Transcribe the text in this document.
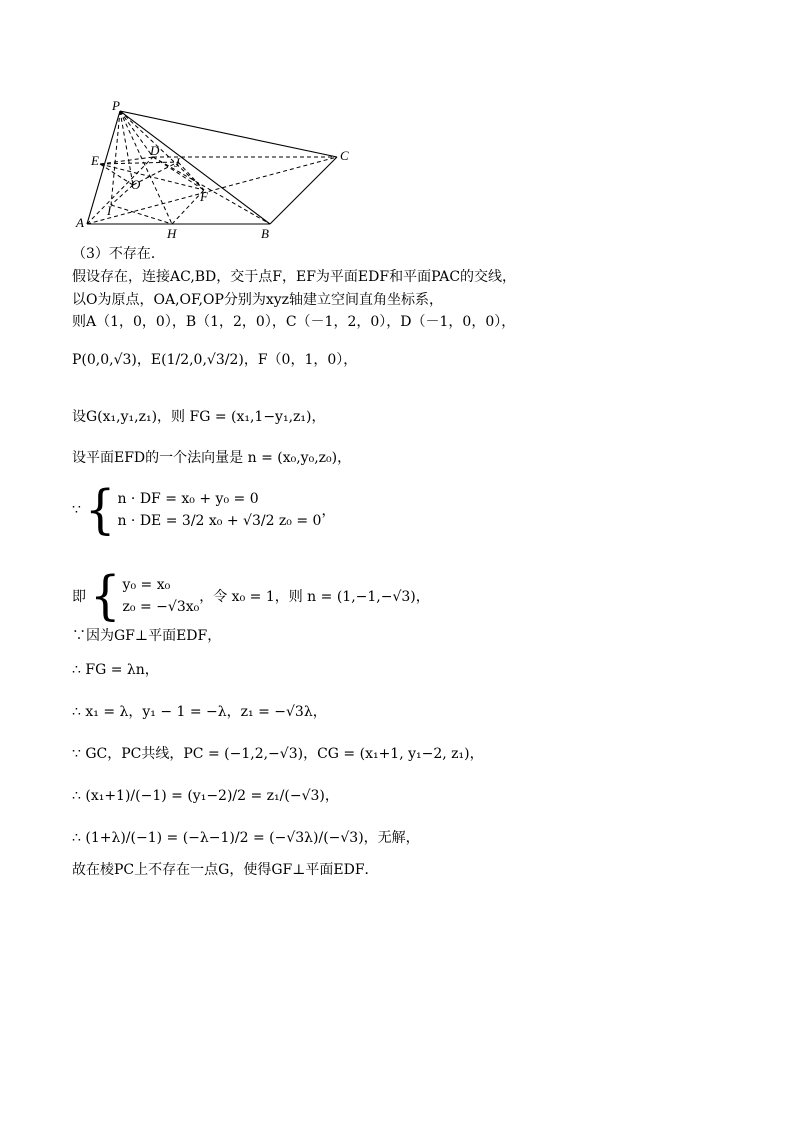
P
E
D
J	C
O
F
A
I
H	B
（3）不存在．
假设存在，连接AC,BD，交于点F，EF为平面EDF和平面PAC的交线，
以O为原点，OA,OF,OP分别为xyz轴建立空间直角坐标系，
则A（1，0，0），B（1，2，0），C（－1，2，0），D（－1，0，0），
P(0,0,√3)，E(1/2,0,√3/2)，F（0，1，0），
设G(x₁,y₁,z₁)，则 FG = (x₁,1−y₁,z₁)，
设平面EFD的一个法向量是 n = (x₀,y₀,z₀)，
∵ { n · DF = x₀ + y₀ = 0
n · DE = 3/2 x₀ + √3/2 z₀ = 0
，
即 { y₀ = x₀
z₀ = −√3x₀
，令 x₀ = 1，则 n = (1,−1,−√3)，
∵因为GF⊥平面EDF，
∴ FG = λn，
∴ x₁ = λ，y₁ − 1 = −λ，z₁ = −√3λ，
∵ GC，PC共线，PC = (−1,2,−√3)，CG = (x₁+1, y₁−2, z₁)，
∴ (x₁+1)/(−1) = (y₁−2)/2 = z₁/(−√3)，
∴ (1+λ)/(−1) = (−λ−1)/2 = (−√3λ)/(−√3)，无解，
故在棱PC上不存在一点G，使得GF⊥平面EDF．
